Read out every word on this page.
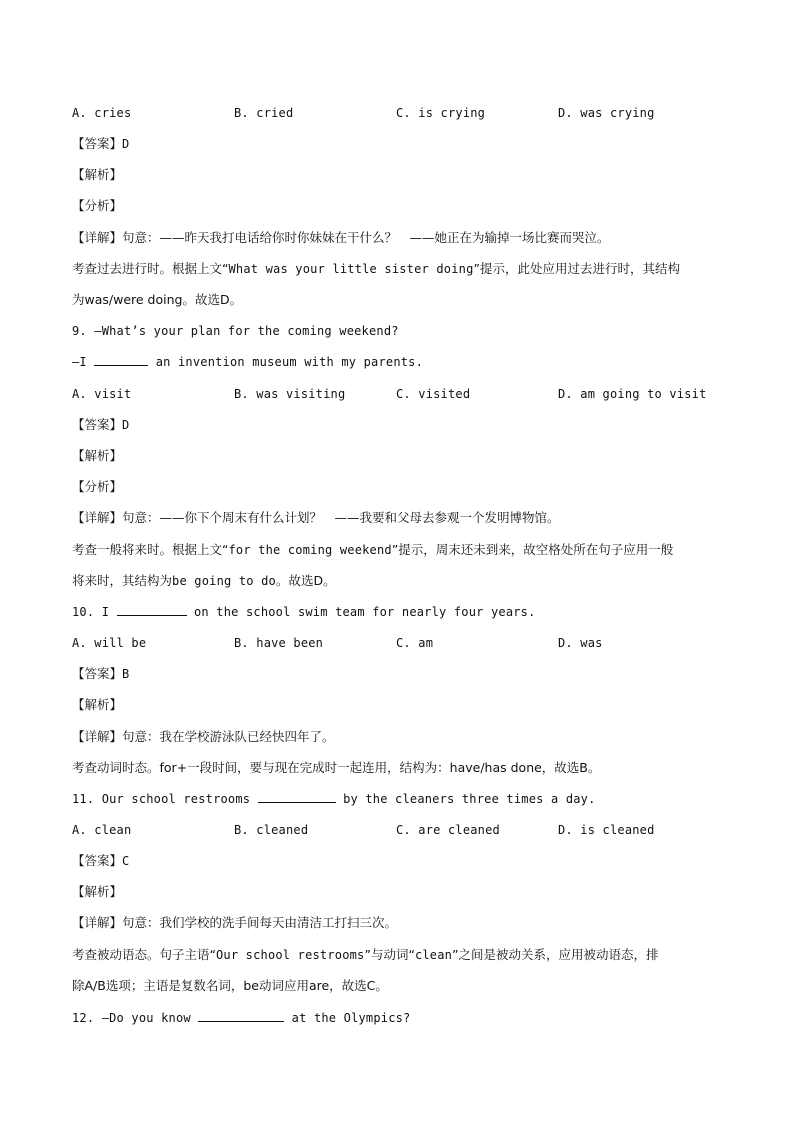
A. cries	B. cried	C. is crying	D. was crying
【答案】D
【解析】
【分析】
【详解】句意：——昨天我打电话给你时你妹妹在干什么？　——她正在为输掉一场比赛而哭泣。
考查过去进行时。根据上文“What was your little sister doing”提示，此处应用过去进行时，其结构
为was/were doing。故选D。
9. —What’s your plan for the coming weekend?
—I	an invention museum with my parents.
A. visit	B. was visiting	C. visited	D. am going to visit
【答案】D
【解析】
【分析】
【详解】句意：——你下个周末有什么计划？　——我要和父母去参观一个发明博物馆。
考查一般将来时。根据上文“for the coming weekend”提示，周末还未到来，故空格处所在句子应用一般
将来时，其结构为be going to do。故选D。
10. I	on the school swim team for nearly four years.
A. will be	B. have been	C. am	D. was
【答案】B
【解析】
【详解】句意：我在学校游泳队已经快四年了。
考查动词时态。for+一段时间，要与现在完成时一起连用，结构为：have/has done，故选B。
11. Our school restrooms	by the cleaners three times a day.
A. clean	B. cleaned	C. are cleaned	D. is cleaned
【答案】C
【解析】
【详解】句意：我们学校的洗手间每天由清洁工打扫三次。
考查被动语态。句子主语“Our school restrooms”与动词“clean”之间是被动关系，应用被动语态，排
除A/B选项；主语是复数名词，be动词应用are，故选C。
12. —Do you know	at the Olympics?
